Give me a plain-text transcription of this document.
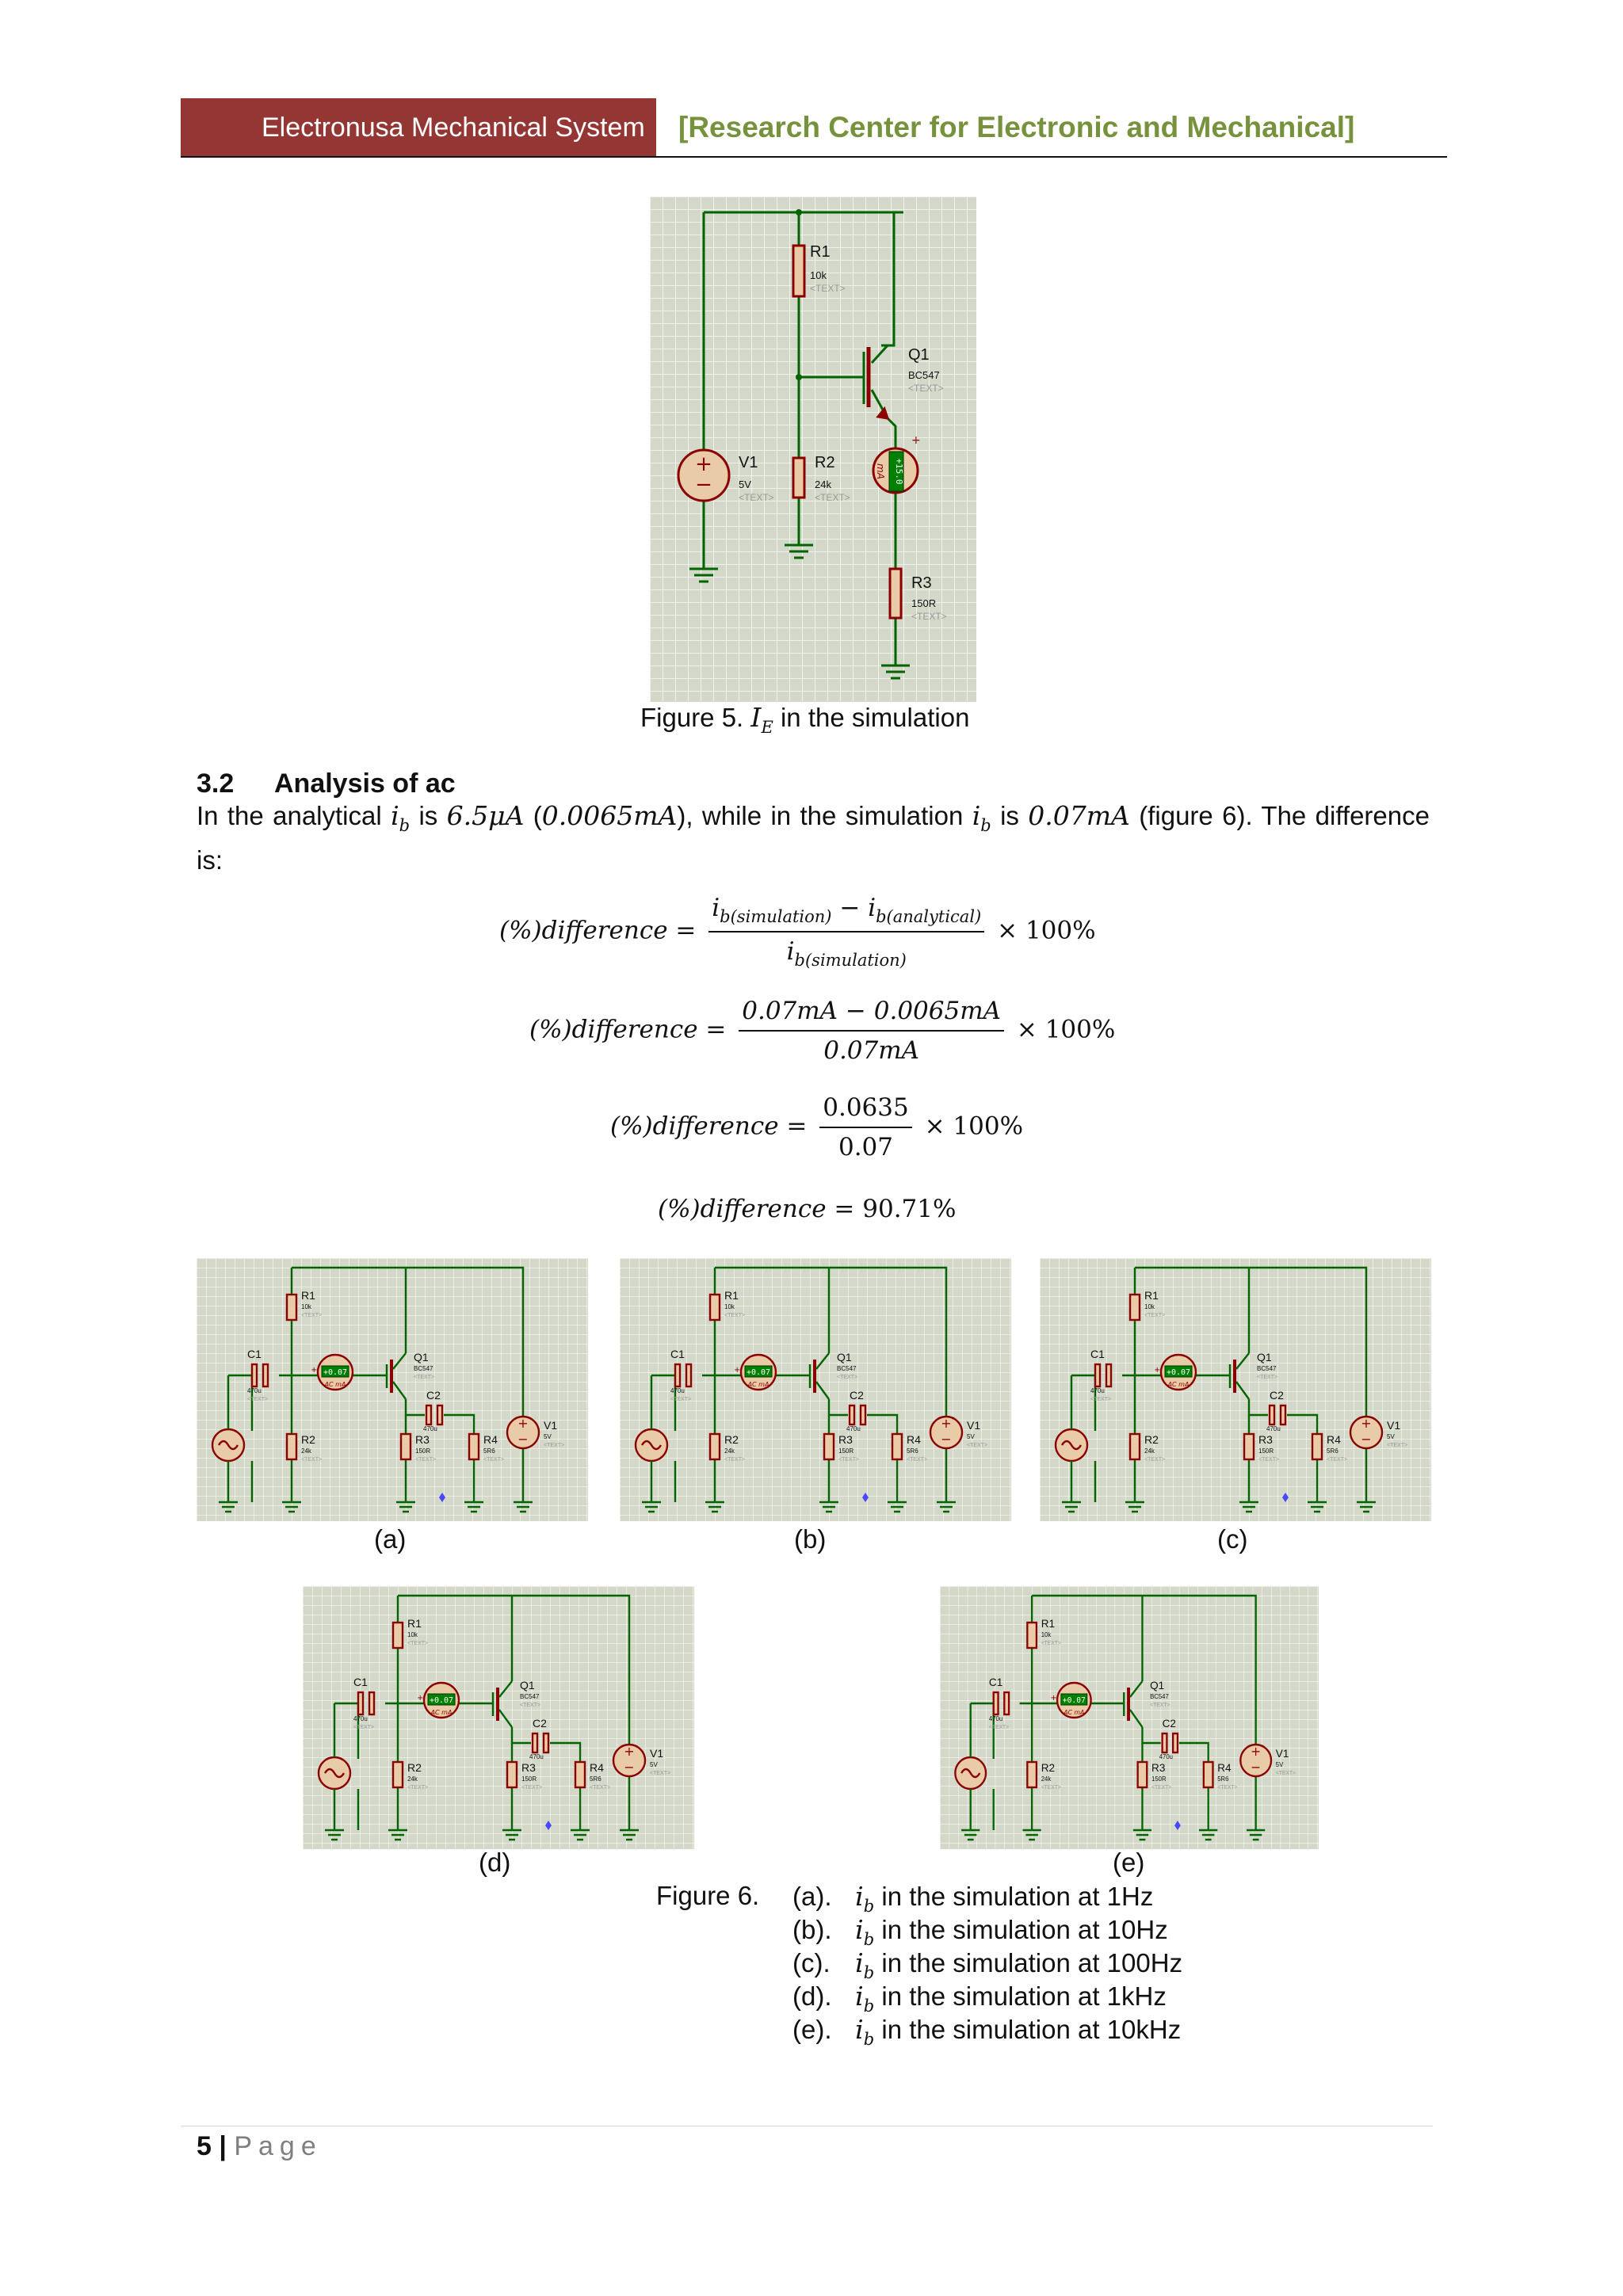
Electronusa Mechanical System	[Research Center for Electronic and Mechanical]
+
−
+15.0
mA
+
R1
10k
<TEXT>
Q1
BC547
<TEXT>
V1
5V
<TEXT>
R2
24k
<TEXT>
R3
150R
<TEXT>
Figure 5. $I_E$ in the simulation
3.2 Analysis of ac
In the analytical $i_b$ is 6.5μA (0.0065mA), while in the simulation $i_b$ is 0.07mA (figure 6). The difference is:
(%)difference = $\frac{i_{b(simulation)} - i_{b(analytical)}}{i_{b(simulation)}} \times 100\%$
(%)difference = $\frac{0.07mA - 0.0065mA}{0.07mA} \times 100\%$
(%)difference = $\frac{0.0635}{0.07} \times 100\%$
(%)difference = 90.71%
+0.07
AC mA
+
+
−
R1
10k
<TEXT>
C1
470u
<TEXT>
Q1
BC547
<TEXT>
C2
470u
R2
24k
<TEXT>
R3
150R
<TEXT>
R4
5R6
<TEXT>
V1
5V
<TEXT>
+0.07
AC mA
+
+
−
R1
10k
<TEXT>
C1
470u
<TEXT>
Q1
BC547
<TEXT>
C2
470u
R2
24k
<TEXT>
R3
150R
<TEXT>
R4
5R6
<TEXT>
V1
5V
<TEXT>
+0.07
AC mA
+
+
−
R1
10k
<TEXT>
C1
470u
<TEXT>
Q1
BC547
<TEXT>
C2
470u
R2
24k
<TEXT>
R3
150R
<TEXT>
R4
5R6
<TEXT>
V1
5V
<TEXT>
+0.07
AC mA
+
+
−
R1
10k
<TEXT>
C1
470u
<TEXT>
Q1
BC547
<TEXT>
C2
470u
R2
24k
<TEXT>
R3
150R
<TEXT>
R4
5R6
<TEXT>
V1
5V
<TEXT>
+0.07
AC mA
+
+
−
R1
10k
<TEXT>
C1
470u
<TEXT>
Q1
BC547
<TEXT>
C2
470u
R2
24k
<TEXT>
R3
150R
<TEXT>
R4
5R6
<TEXT>
V1
5V
<TEXT>
(a)	(b)	(c)
(d)	(e)
Figure 6. (a). $i_b$ in the simulation at 1Hz
(b). $i_b$ in the simulation at 10Hz
(c). $i_b$ in the simulation at 100Hz
(d). $i_b$ in the simulation at 1kHz
(e). $i_b$ in the simulation at 10kHz
5 | Page
